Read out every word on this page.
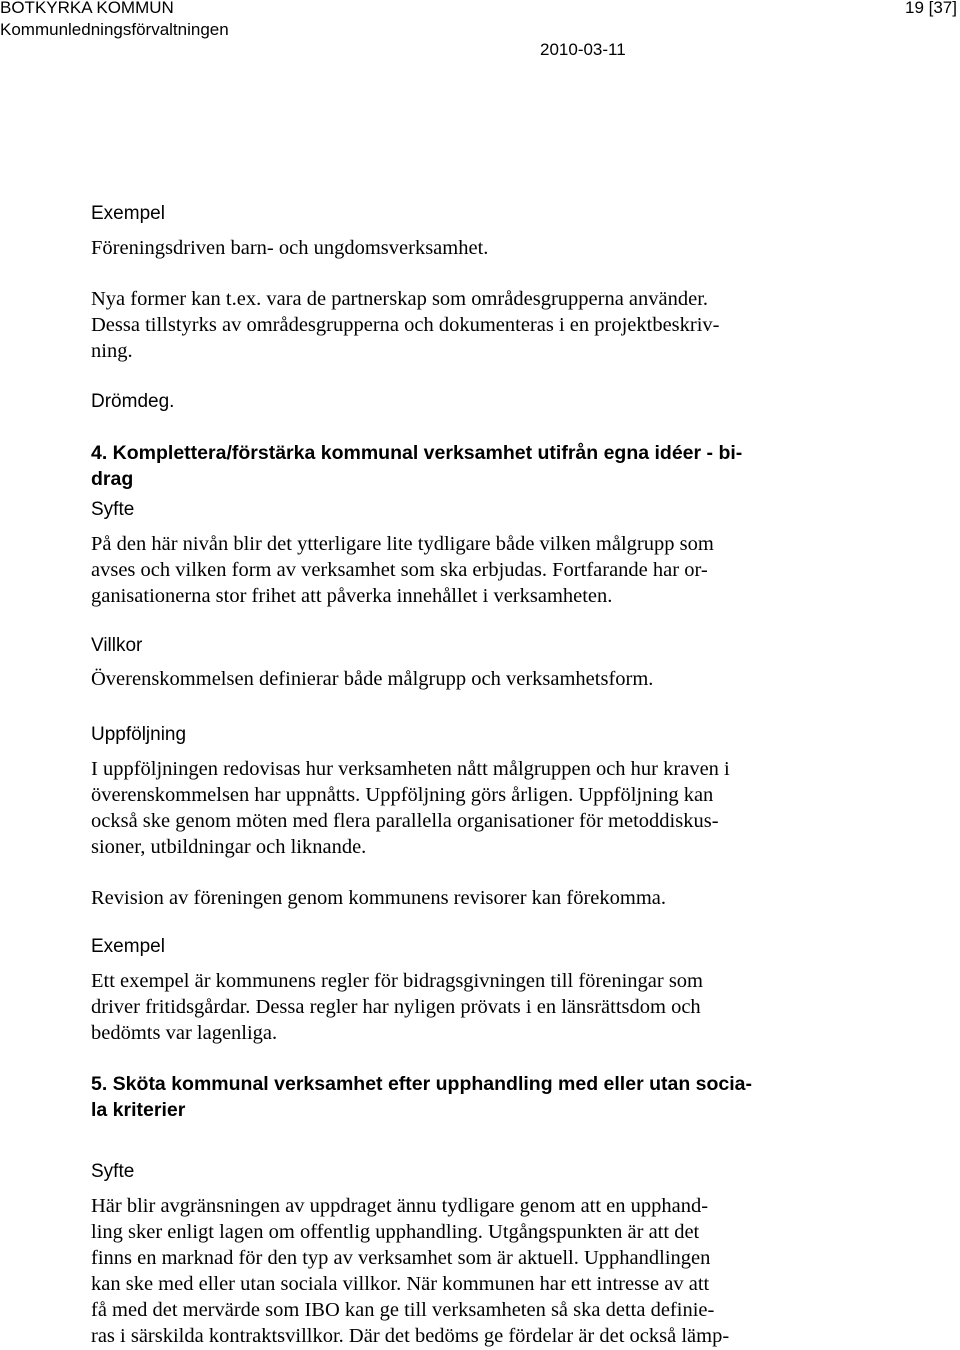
BOTKYRKA KOMMUN
Kommunledningsförvaltningen
19 [37]
2010-03-11
Exempel
Föreningsdriven barn- och ungdomsverksamhet.
Nya former kan t.ex. vara de partnerskap som områdesgrupperna använder.
Dessa tillstyrks av områdesgrupperna och dokumenteras i en projektbeskriv-
ning.
Drömdeg.
4. Komplettera/förstärka kommunal verksamhet utifrån egna idéer - bi-
drag
Syfte
På den här nivån blir det ytterligare lite tydligare både vilken målgrupp som
avses och vilken form av verksamhet som ska erbjudas. Fortfarande har or-
ganisationerna stor frihet att påverka innehållet i verksamheten.
Villkor
Överenskommelsen definierar både målgrupp och verksamhetsform.
Uppföljning
I uppföljningen redovisas hur verksamheten nått målgruppen och hur kraven i
överenskommelsen har uppnåtts. Uppföljning görs årligen. Uppföljning kan
också ske genom möten med flera parallella organisationer för metoddiskus-
sioner, utbildningar och liknande.
Revision av föreningen genom kommunens revisorer kan förekomma.
Exempel
Ett exempel är kommunens regler för bidragsgivningen till föreningar som
driver fritidsgårdar. Dessa regler har nyligen prövats i en länsrättsdom och
bedömts var lagenliga.
5. Sköta kommunal verksamhet efter upphandling med eller utan socia-
la kriterier
Syfte
Här blir avgränsningen av uppdraget ännu tydligare genom att en upphand-
ling sker enligt lagen om offentlig upphandling. Utgångspunkten är att det
finns en marknad för den typ av verksamhet som är aktuell. Upphandlingen
kan ske med eller utan sociala villkor. När kommunen har ett intresse av att
få med det mervärde som IBO kan ge till verksamheten så ska detta definie-
ras i särskilda kontraktsvillkor. Där det bedöms ge fördelar är det också lämp-
